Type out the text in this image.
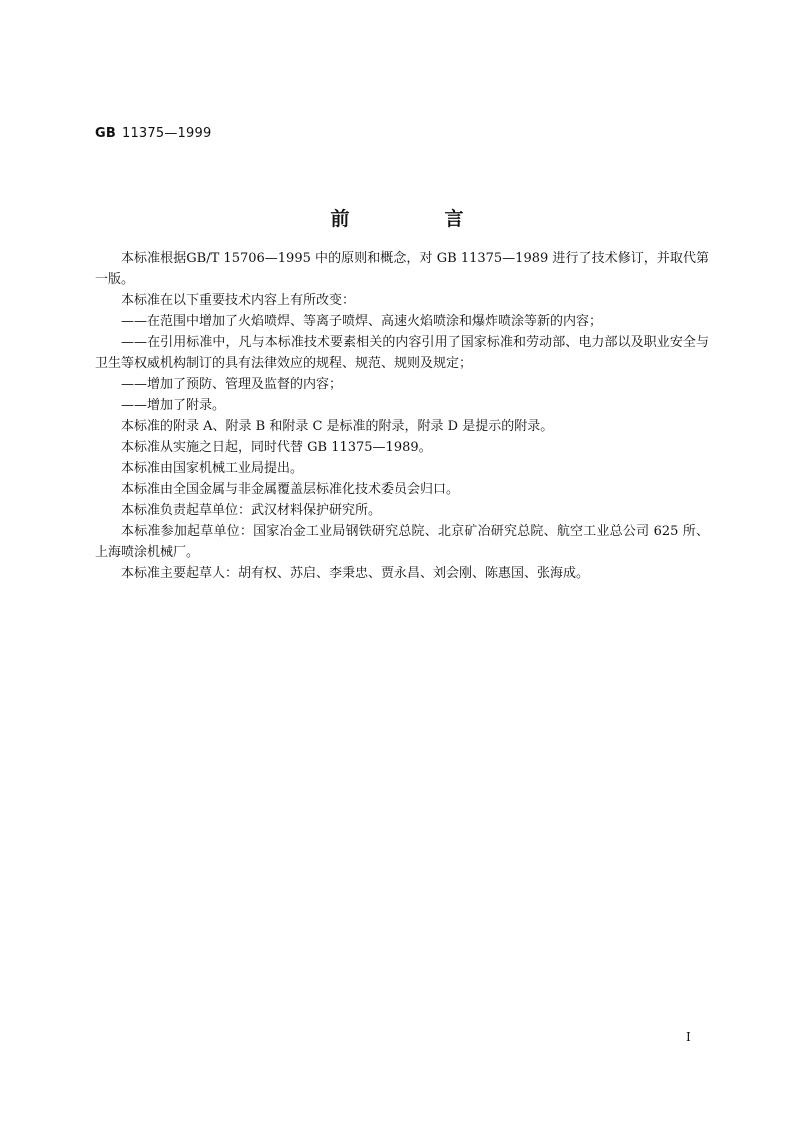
GB 11375—1999
前　言

本标准根据GB/T 15706—1995 中的原则和概念，对 GB 11375—1989 进行了技术修订，并取代第一版。

本标准在以下重要技术内容上有所改变：

——在范围中增加了火焰喷焊、等离子喷焊、高速火焰喷涂和爆炸喷涂等新的内容；

——在引用标准中，凡与本标准技术要素相关的内容引用了国家标准和劳动部、电力部以及职业安全与卫生等权威机构制订的具有法律效应的规程、规范、规则及规定；

——增加了预防、管理及监督的内容；

——增加了附录。

本标准的附录 A、附录 B 和附录 C 是标准的附录，附录 D 是提示的附录。

本标准从实施之日起，同时代替 GB 11375—1989。

本标准由国家机械工业局提出。

本标准由全国金属与非金属覆盖层标准化技术委员会归口。

本标准负责起草单位：武汉材料保护研究所。

本标准参加起草单位：国家冶金工业局钢铁研究总院、北京矿冶研究总院、航空工业总公司 625 所、上海喷涂机械厂。

本标准主要起草人：胡有权、苏启、李秉忠、贾永昌、刘会刚、陈惠国、张海成。

I
